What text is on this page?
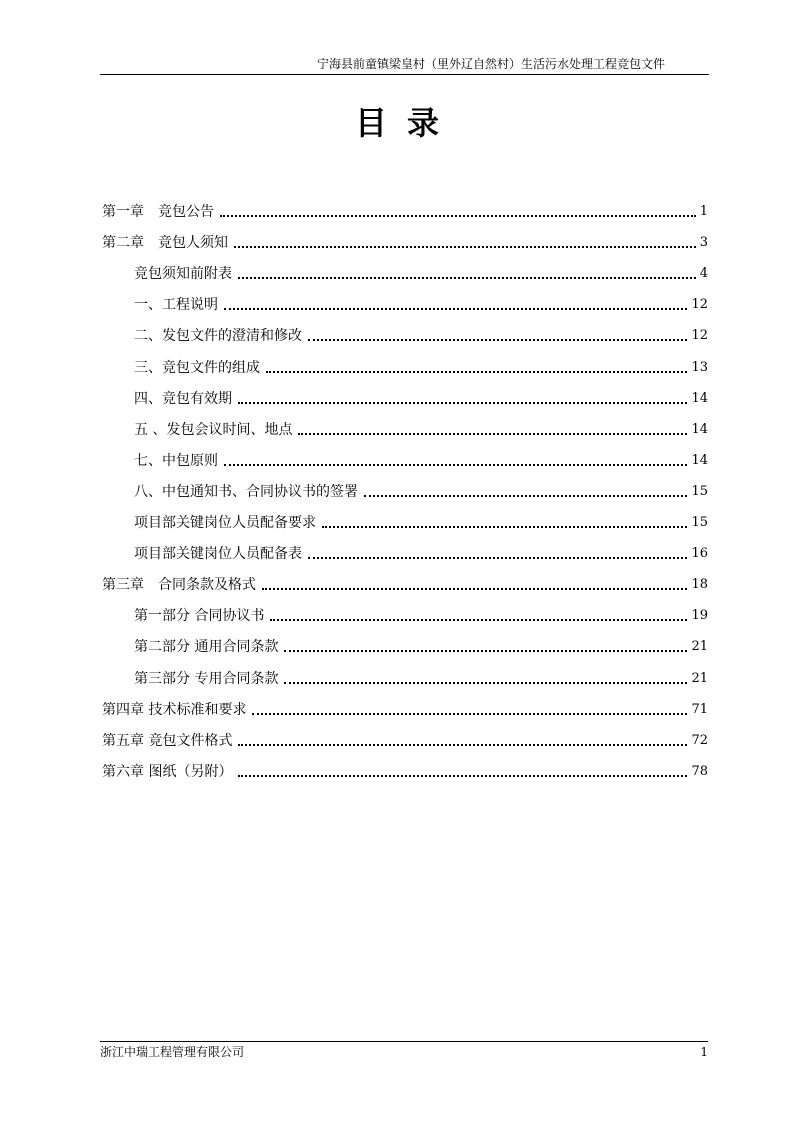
宁海县前童镇梁皇村（里外辽自然村）生活污水处理工程竞包文件
目录
第一章　竞包公告	1
第二章　竞包人须知	3
竞包须知前附表	4
一、工程说明	12
二、发包文件的澄清和修改	12
三、竞包文件的组成	13
四、竞包有效期	14
五 、发包会议时间、地点	14
七、中包原则	14
八、中包通知书、合同协议书的签署	15
项目部关键岗位人员配备要求	15
项目部关键岗位人员配备表	16
第三章　合同条款及格式	18
第一部分 合同协议书	19
第二部分 通用合同条款	21
第三部分 专用合同条款	21
第四章 技术标准和要求	71
第五章 竞包文件格式	72
第六章 图纸（另附）	78
浙江中瑞工程管理有限公司	1
